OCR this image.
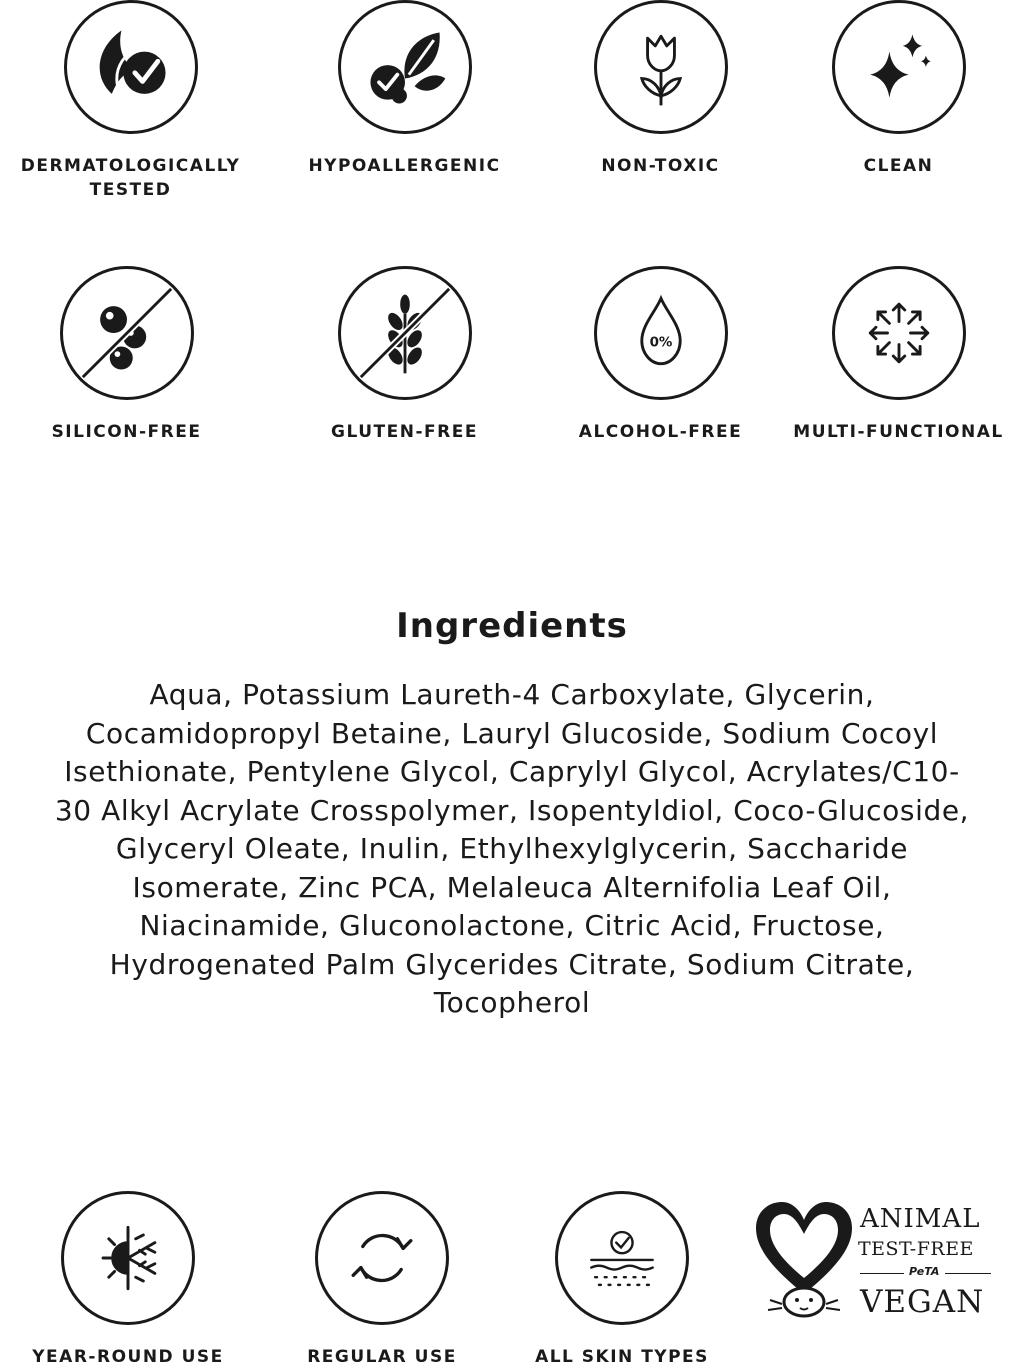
DERMATOLOGICALLY
TESTED
HYPOALLERGENIC	NON-TOXIC	CLEAN
SILICON-FREE	GLUTEN-FREE
0%
ALCOHOL-FREE	MULTI-FUNCTIONAL
Ingredients
Aqua, Potassium Laureth-4 Carboxylate, Glycerin, Cocamidopropyl Betaine, Lauryl Glucoside, Sodium Cocoyl Isethionate, Pentylene Glycol, Caprylyl Glycol, Acrylates/C10-30 Alkyl Acrylate Crosspolymer, Isopentyldiol, Coco-Glucoside, Glyceryl Oleate, Inulin, Ethylhexylglycerin, Saccharide Isomerate, Zinc PCA, Melaleuca Alternifolia Leaf Oil, Niacinamide, Gluconolactone, Citric Acid, Fructose, Hydrogenated Palm Glycerides Citrate, Sodium Citrate, Tocopherol
YEAR-ROUND USE	REGULAR USE	ALL SKIN TYPES
ANIMAL
TEST-FREE
PeTA
VEGAN
